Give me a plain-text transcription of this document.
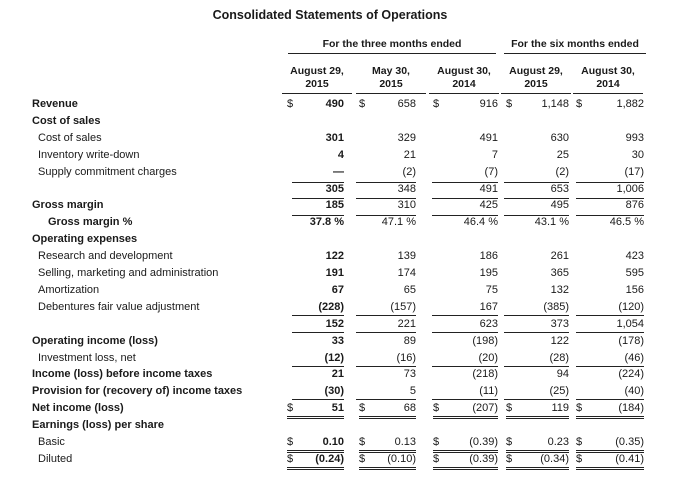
Consolidated Statements of Operations
For the three months ended	For the six months ended
August 29,
2015
May 30,
2015
August 30,
2014
August 29,
2015
August 30,
2014
Revenue	$	490 $	658 $	916 $	1,148 $	1,882
Cost of sales
Cost of sales	301	329	491	630	993
Inventory write-down	4	21	7	25	30
Supply commitment charges	—	(2)	(7)	(2)	(17)
305	348	491	653	1,006
Gross margin	185	310	425	495	876
Gross margin %	37.8 %	47.1 %	46.4 %	43.1 %	46.5 %
Operating expenses
Research and development	122	139	186	261	423
Selling, marketing and administration	191	174	195	365	595
Amortization	67	65	75	132	156
Debentures fair value adjustment	(228)	(157)	167	(385)	(120)
152	221	623	373	1,054
Operating income (loss)	33	89	(198)	122	(178)
Investment loss, net	(12)	(16)	(20)	(28)	(46)
Income (loss) before income taxes	21	73	(218)	94	(224)
Provision for (recovery of) income taxes	(30)	5	(11)	(25)	(40)
Net income (loss)	$	51 $	68 $	(207) $	119 $	(184)
Earnings (loss) per share
Basic	$	0.10 $	0.13 $	(0.39) $	0.23 $	(0.35)
Diluted	$ (0.24) $ (0.10) $	(0.39) $	(0.34) $	(0.41)
